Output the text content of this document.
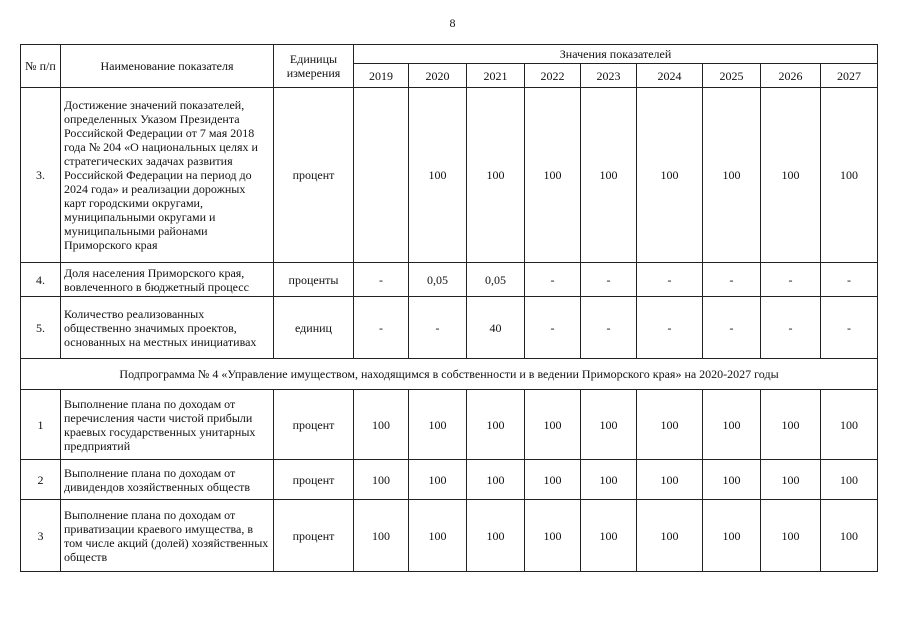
8
№ п/п	Наименование показателя	Единицы измерения	Значения показателей								
			2019	2020	2021	2022	2023	2024	2025	2026	2027
3.	Достижение значений показателей, определенных Указом Президента Российской Федерации от 7 мая 2018 года № 204 «О национальных целях и стратегических задачах развития Российской Федерации на период до 2024 года» и реализации дорожных карт городскими округами, муниципальными округами и муниципальными районами Приморского края	процент		100	100	100	100	100	100	100	100
4.	Доля населения Приморского края, вовлеченного в бюджетный процесс	проценты	-	0,05	0,05	-	-	-	-	-	-
5.	Количество реализованных общественно значимых проектов, основанных на местных инициативах	единиц	-	-	40	-	-	-	-	-	-
Подпрограмма № 4 «Управление имуществом, находящимся в собственности и в ведении Приморского края» на 2020-2027 годы											
1	Выполнение плана по доходам от перечисления части чистой прибыли краевых государственных унитарных предприятий	процент	100	100	100	100	100	100	100	100	100
2	Выполнение плана по доходам от дивидендов хозяйственных обществ	процент	100	100	100	100	100	100	100	100	100
3	Выполнение плана по доходам от приватизации краевого имущества, в том числе акций (долей) хозяйственных обществ	процент	100	100	100	100	100	100	100	100	100
